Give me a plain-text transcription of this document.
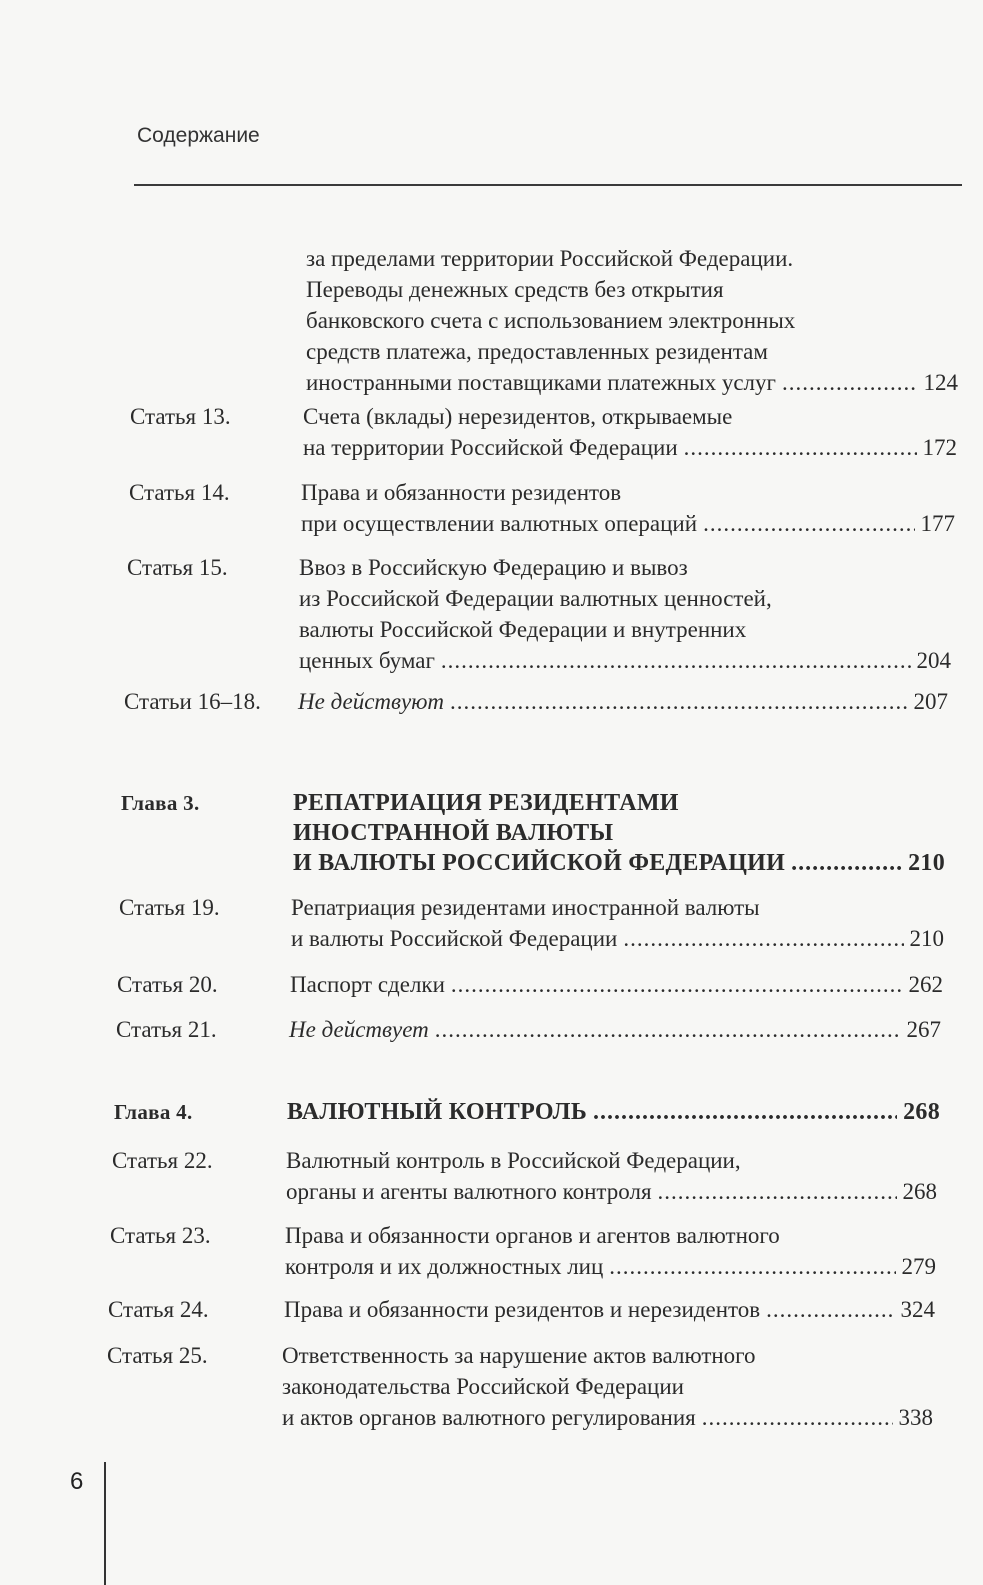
Содержание
за пределами территории Российской Федерации.
Переводы денежных средств без открытия
банковского счета с использованием электронных
средств платежа, предоставленных резидентам
иностранными поставщиками платежных услуг .....	124
Статья 13.	Счета (вклады) нерезидентов, открываемые
на территории Российской Федерации .....	172
Статья 14.	Права и обязанности резидентов
при осуществлении валютных операций .....	177
Статья 15.	Ввоз в Российскую Федерацию и вывоз
из Российской Федерации валютных ценностей,
валюты Российской Федерации и внутренних
ценных бумаг .....	204
Статьи 16–18. Не действуют .....	207
Глава 3.	РЕПАТРИАЦИЯ РЕЗИДЕНТАМИ
ИНОСТРАННОЙ ВАЛЮТЫ
И ВАЛЮТЫ РОССИЙСКОЙ ФЕДЕРАЦИИ .....	210
Статья 19.	Репатриация резидентами иностранной валюты
и валюты Российской Федерации .....	210
Статья 20.	Паспорт сделки .....	262
Статья 21.	Не действует .....	267
Глава 4.	ВАЛЮТНЫЙ КОНТРОЛЬ .....	268
Статья 22.	Валютный контроль в Российской Федерации,
органы и агенты валютного контроля .....	268
Статья 23.	Права и обязанности органов и агентов валютного
контроля и их должностных лиц .....	279
Статья 24.	Права и обязанности резидентов и нерезидентов .....	324
Статья 25.	Ответственность за нарушение актов валютного
законодательства Российской Федерации
и актов органов валютного регулирования .....	338
6
